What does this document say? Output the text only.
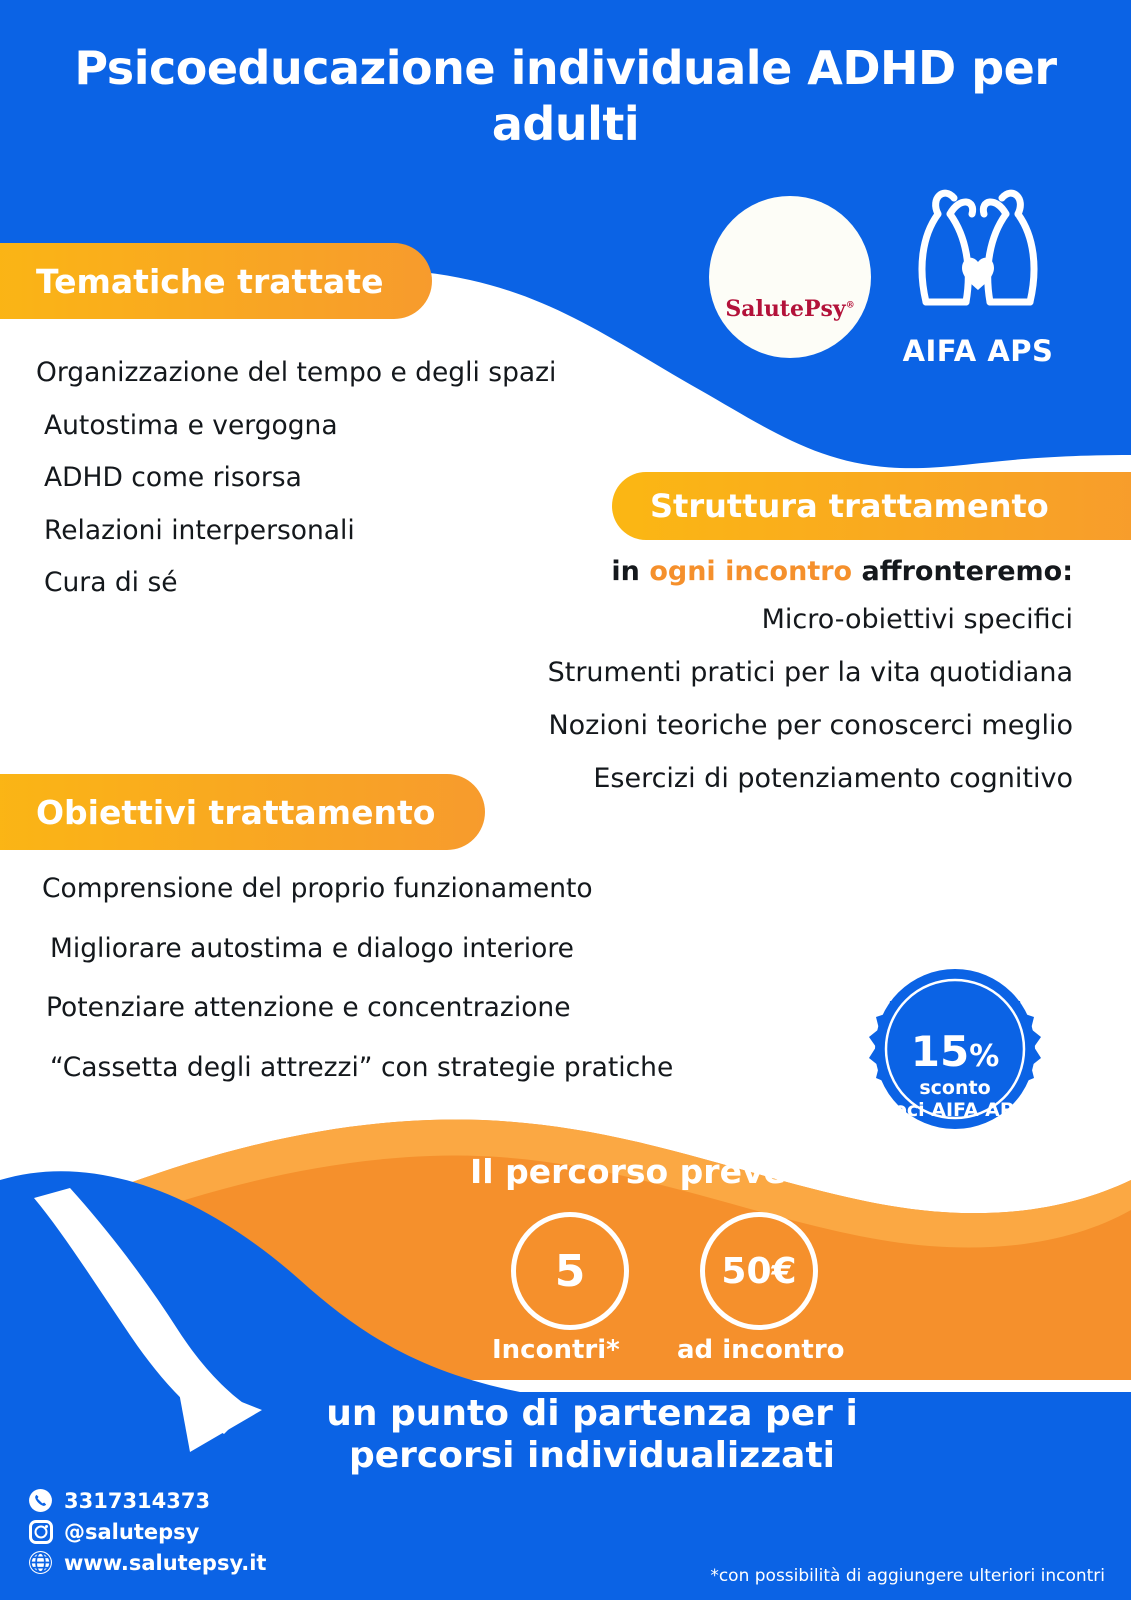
Psicoeducazione individuale ADHD per adulti
SalutePsy®
AIFA APS
Tematiche trattate
Organizzazione del tempo e degli spazi
Autostima e vergogna
ADHD come risorsa
Relazioni interpersonali
Cura di sé
Struttura trattamento
in ogni incontro affronteremo:
Micro-obiettivi specifici
Strumenti pratici per la vita quotidiana
Nozioni teoriche per conoscerci meglio
Esercizi di potenziamento cognitivo
Obiettivi trattamento
Comprensione del proprio funzionamento
Migliorare autostima e dialogo interiore
Potenziare attenzione e concentrazione
“Cassetta degli attrezzi” con strategie pratiche	15%
sconto
soci AIFA APS
Il percorso prevede
5
Incontri*
50€
ad incontro
un punto di partenza per i percorsi individualizzati
*con possibilità di aggiungere ulteriori incontri
3317314373
@salutepsy
www.salutepsy.it
